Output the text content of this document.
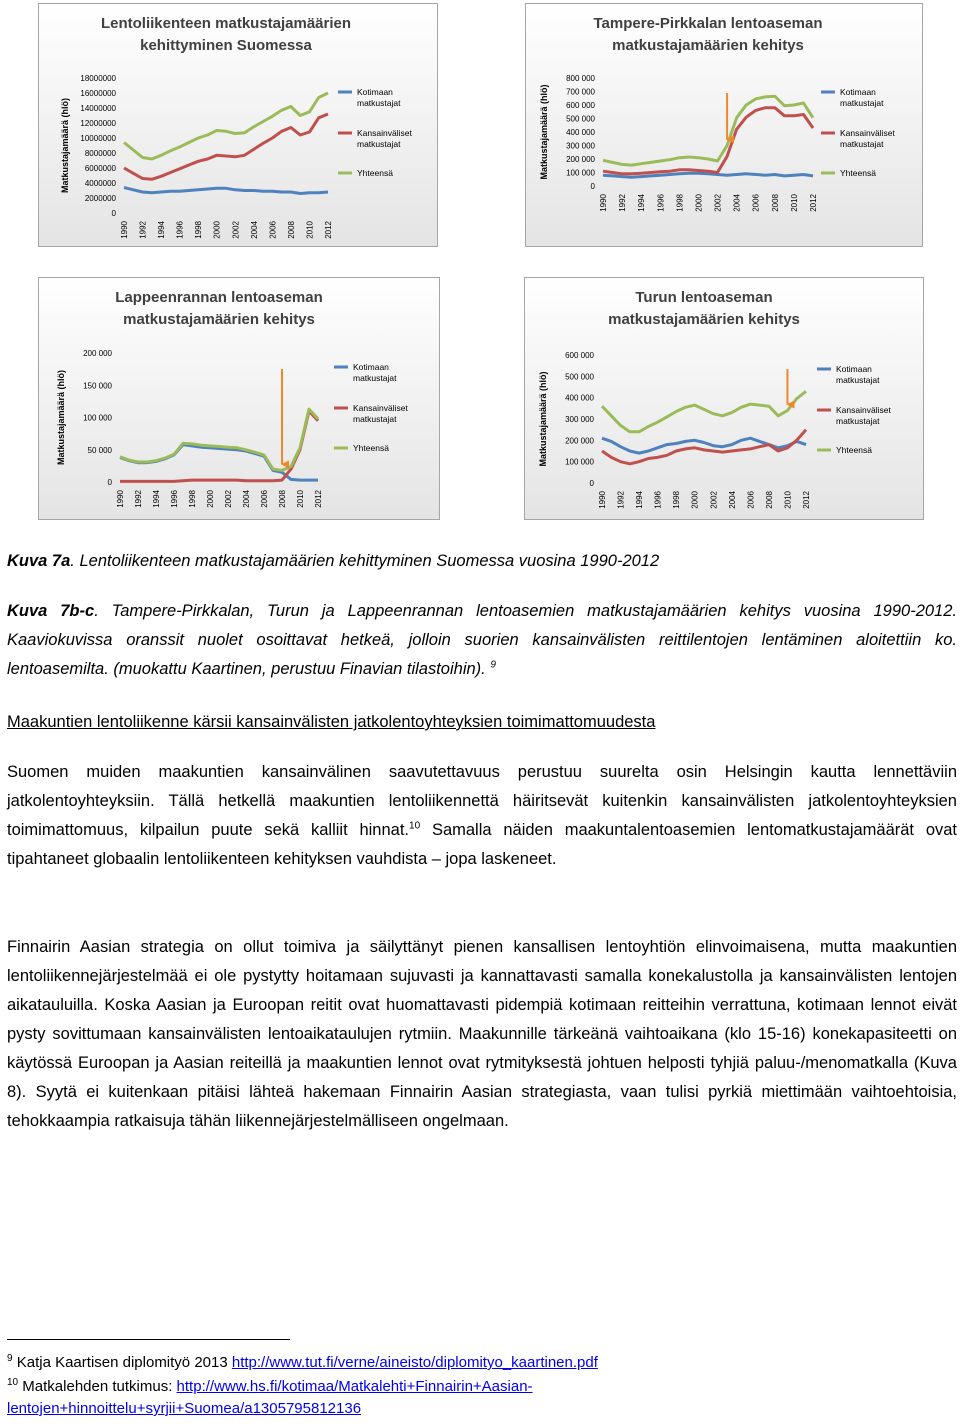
Lentoliikenteen matkustajamäärien
kehittyminen Suomessa
0
2000000
4000000
6000000
8000000
10000000
12000000
14000000
16000000
18000000
Matkustajamäärä (hlö)
1990 1992 1994 1996 1998 2000 2002 2004 2006 2008 2010 2012
Kotimaan
matkustajat
Kansainväliset
matkustajat
Yhteensä
Tampere-Pirkkalan lentoaseman
matkustajamäärien kehitys
0
100 000
200 000
300 000
400 000
500 000
600 000
700 000
800 000
Matkustajamäärä (hlö)
1990 1992 1994 1996 1998 2000 2002 2004 2006 2008 2010 2012
Kotimaan
matkustajat
Kansainväliset
matkustajat
Yhteensä
Lappeenrannan lentoaseman
matkustajamäärien kehitys
0
50 000
100 000
150 000
200 000
Matkustajamäärä (hlö)
1990 1992 1994 1996 1998 2000 2002 2004 2006 2008 2010 2012
Kotimaan
matkustajat
Kansainväliset
matkustajat
Yhteensä
Turun lentoaseman
matkustajamäärien kehitys
0
100 000
200 000
300 000
400 000
500 000
600 000
Matkustajamäärä (hlö)
1990 1992 1994 1996 1998 2000 2002 2004 2006 2008 2010 2012
Kotimaan
matkustajat
Kansainväliset
matkustajat
Yhteensä
Kuva 7a. Lentoliikenteen matkustajamäärien kehittyminen Suomessa vuosina 1990-2012
Kuva 7b-c. Tampere-Pirkkalan, Turun ja Lappeenrannan lentoasemien matkustajamäärien kehitys vuosina 1990-2012. Kaaviokuvissa oranssit nuolet osoittavat hetkeä, jolloin suorien kansainvälisten reittilentojen lentäminen aloitettiin ko. lentoasemilta. (muokattu Kaartinen, perustuu Finavian tilastoihin). $^9$
Maakuntien lentoliikenne kärsii kansainvälisten jatkolentoyhteyksien toimimattomuudesta
Suomen muiden maakuntien kansainvälinen saavutettavuus perustuu suurelta osin Helsingin kautta lennettäviin jatkolentoyhteyksiin. Tällä hetkellä maakuntien lentoliikennettä häiritsevät kuitenkin kansainvälisten jatkolentoyhteyksien toimimattomuus, kilpailun puute sekä kalliit hinnat.$^{10}$ Samalla näiden maakuntalentoasemien lentomatkustajamäärät ovat tipahtaneet globaalin lentoliikenteen kehityksen vauhdista – jopa laskeneet.
Finnairin Aasian strategia on ollut toimiva ja säilyttänyt pienen kansallisen lentoyhtiön elinvoimaisena, mutta maakuntien lentoliikennejärjestelmää ei ole pystytty hoitamaan sujuvasti ja kannattavasti samalla konekalustolla ja kansainvälisten lentojen aikatauluilla. Koska Aasian ja Euroopan reitit ovat huomattavasti pidempiä kotimaan reitteihin verrattuna, kotimaan lennot eivät pysty sovittumaan kansainvälisten lentoaikataulujen rytmiin. Maakunnille tärkeänä vaihtoaikana (klo 15-16) konekapasiteetti on käytössä Euroopan ja Aasian reiteillä ja maakuntien lennot ovat rytmityksestä johtuen helposti tyhjiä paluu-/menomatkalla (Kuva 8). Syytä ei kuitenkaan pitäisi lähteä hakemaan Finnairin Aasian strategiasta, vaan tulisi pyrkiä miettimään vaihtoehtoisia, tehokkaampia ratkaisuja tähän liikennejärjestelmälliseen ongelmaan.
$^9$ Katja Kaartisen diplomityö 2013 http://www.tut.fi/verne/aineisto/diplomityo_kaartinen.pdf
$^{10}$ Matkalehden tutkimus: http://www.hs.fi/kotimaa/Matkalehti+Finnairin+Aasian-
lentojen+hinnoittelu+syrjii+Suomea/a1305795812136
